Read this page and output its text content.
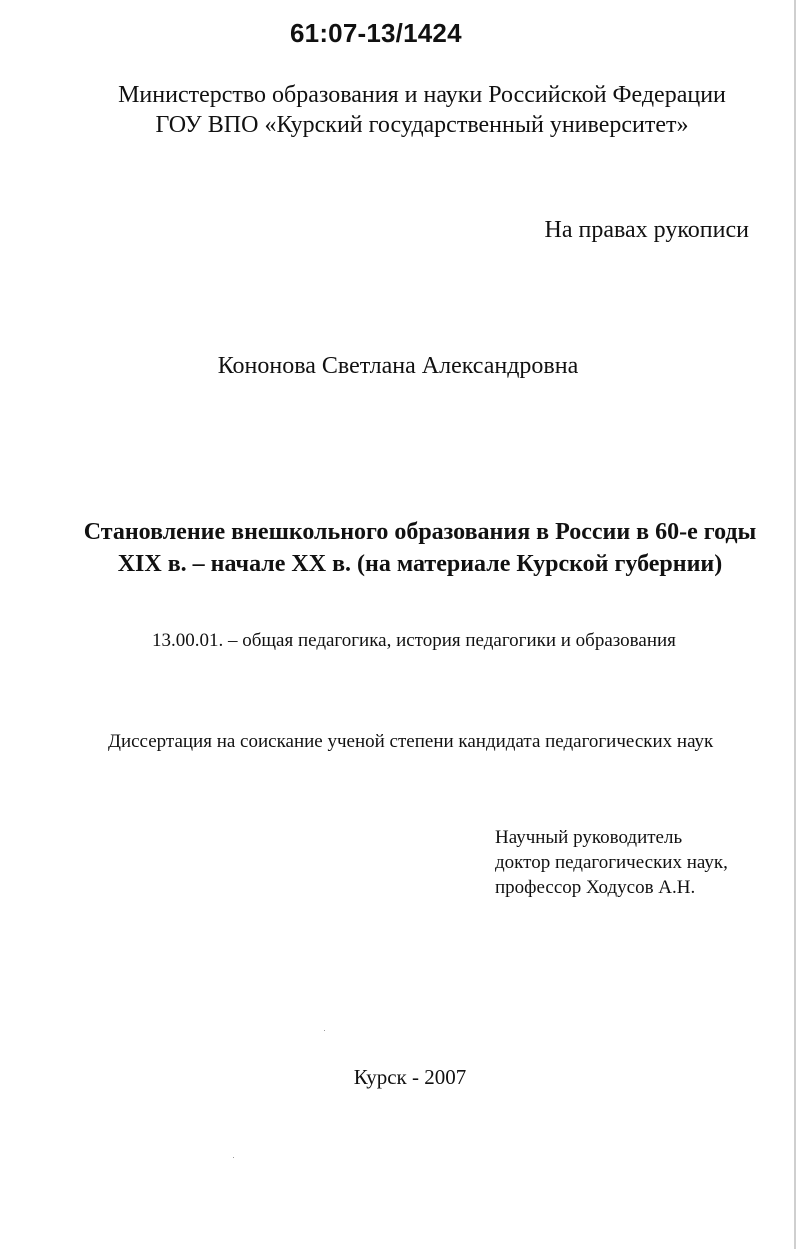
61:07-13/1424
Министерство образования и науки Российской Федерации
ГОУ ВПО «Курский государственный университет»
На правах рукописи
Кононова Светлана Александровна
Становление внешкольного образования в России в 60-е годы
XIX в. – начале XX в. (на материале Курской губернии)
13.00.01. – общая педагогика, история педагогики и образования
Диссертация на соискание ученой степени кандидата педагогических наук
Научный руководитель
доктор педагогических наук,
профессор Ходусов А.Н.
Курск - 2007
